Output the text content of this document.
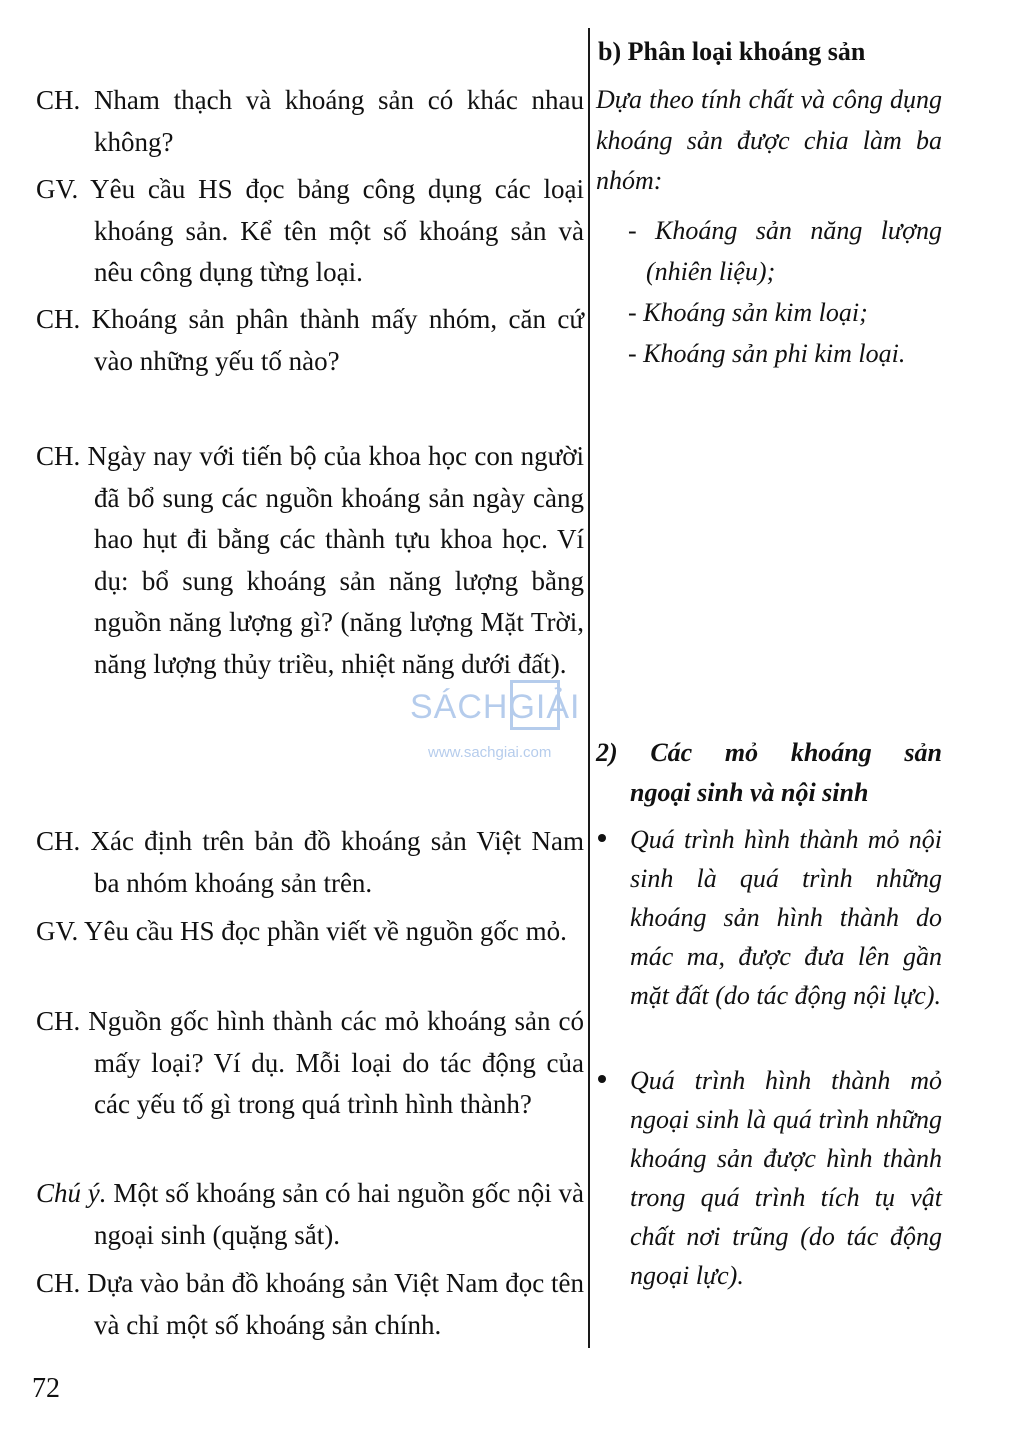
CH. Nham thạch và khoáng sản có khác nhau không?
GV. Yêu cầu HS đọc bảng công dụng các loại khoáng sản. Kể tên một số khoáng sản và nêu công dụng từng loại.
CH. Khoáng sản phân thành mấy nhóm, căn cứ vào những yếu tố nào?
CH. Ngày nay với tiến bộ của khoa học con người đã bổ sung các nguồn khoáng sản ngày càng hao hụt đi bằng các thành tựu khoa học. Ví dụ: bổ sung khoáng sản năng lượng bằng nguồn năng lượng gì? (năng lượng Mặt Trời, năng lượng thủy triều, nhiệt năng dưới đất).
CH. Xác định trên bản đồ khoáng sản Việt Nam ba nhóm khoáng sản trên.
GV. Yêu cầu HS đọc phần viết về nguồn gốc mỏ.
CH. Nguồn gốc hình thành các mỏ khoáng sản có mấy loại? Ví dụ. Mỗi loại do tác động của các yếu tố gì trong quá trình hình thành?
Chú ý. Một số khoáng sản có hai nguồn gốc nội và ngoại sinh (quặng sắt).
CH. Dựa vào bản đồ khoáng sản Việt Nam đọc tên và chỉ một số khoáng sản chính.
SÁCHGIẢI
www.sachgiai.com
b) Phân loại khoáng sản
Dựa theo tính chất và công dụng khoáng sản được chia làm ba nhóm:
- Khoáng sản năng lượng (nhiên liệu);
- Khoáng sản kim loại;
- Khoáng sản phi kim loại.
2) Các mỏ khoáng sản
ngoại sinh và nội sinh
Quá trình hình thành mỏ nội sinh là quá trình những khoáng sản hình thành do mác ma, được đưa lên gần mặt đất (do tác động nội lực).
Quá trình hình thành mỏ ngoại sinh là quá trình những khoáng sản được hình thành trong quá trình tích tụ vật chất nơi trũng (do tác động ngoại lực).
72
